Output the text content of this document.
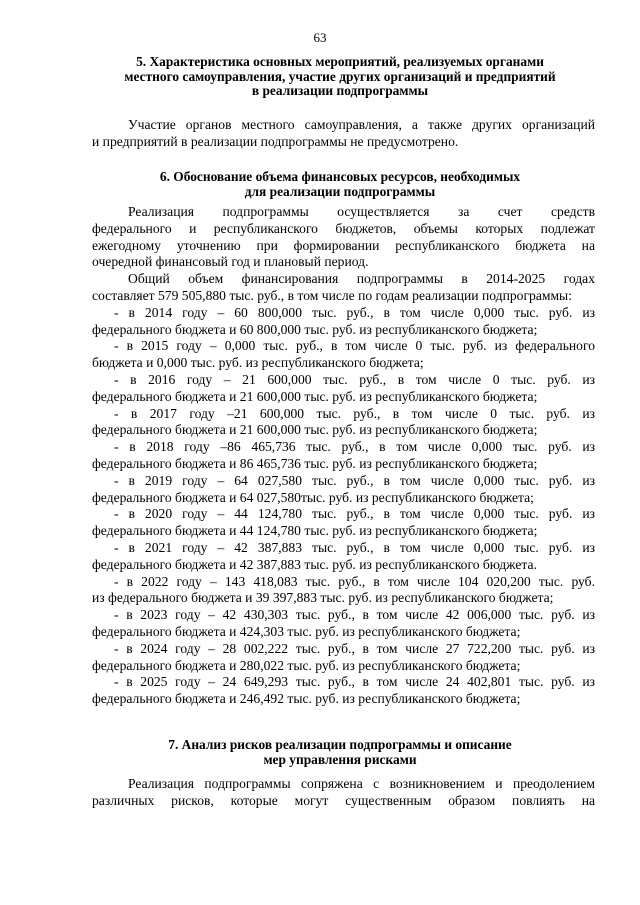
63
5. Характеристика основных мероприятий, реализуемых органами
местного самоуправления, участие других организаций и предприятий
в реализации подпрограммы
Участие органов местного самоуправления, а также других организаций
и предприятий в реализации подпрограммы не предусмотрено.
6. Обоснование объема финансовых ресурсов, необходимых
для реализации подпрограммы
Реализация подпрограммы осуществляется за счет средств
федерального и республиканского бюджетов, объемы которых подлежат
ежегодному уточнению при формировании республиканского бюджета на
очередной финансовый год и плановый период.
Общий объем финансирования подпрограммы в 2014-2025 годах
составляет 579 505,880 тыс. руб., в том числе по годам реализации подпрограммы:
- в 2014 году – 60 800,000 тыс. руб., в том числе 0,000 тыс. руб. из
федерального бюджета и 60 800,000 тыс. руб. из республиканского бюджета;
- в 2015 году – 0,000 тыс. руб., в том числе 0 тыс. руб. из федерального
бюджета и 0,000 тыс. руб. из республиканского бюджета;
- в 2016 году – 21 600,000 тыс. руб., в том числе 0 тыс. руб. из
федерального бюджета и 21 600,000 тыс. руб. из республиканского бюджета;
- в 2017 году –21 600,000 тыс. руб., в том числе 0 тыс. руб. из
федерального бюджета и 21 600,000 тыс. руб. из республиканского бюджета;
- в 2018 году –86 465,736 тыс. руб., в том числе 0,000 тыс. руб. из
федерального бюджета и 86 465,736 тыс. руб. из республиканского бюджета;
- в 2019 году – 64 027,580 тыс. руб., в том числе 0,000 тыс. руб. из
федерального бюджета и 64 027,580тыс. руб. из республиканского бюджета;
- в 2020 году – 44 124,780 тыс. руб., в том числе 0,000 тыс. руб. из
федерального бюджета и 44 124,780 тыс. руб. из республиканского бюджета;
- в 2021 году – 42 387,883 тыс. руб., в том числе 0,000 тыс. руб. из
федерального бюджета и 42 387,883 тыс. руб. из республиканского бюджета.
- в 2022 году – 143 418,083 тыс. руб., в том числе 104 020,200 тыс. руб.
из федерального бюджета и 39 397,883 тыс. руб. из республиканского бюджета;
- в 2023 году – 42 430,303 тыс. руб., в том числе 42 006,000 тыс. руб. из
федерального бюджета и 424,303 тыс. руб. из республиканского бюджета;
- в 2024 году – 28 002,222 тыс. руб., в том числе 27 722,200 тыс. руб. из
федерального бюджета и 280,022 тыс. руб. из республиканского бюджета;
- в 2025 году – 24 649,293 тыс. руб., в том числе 24 402,801 тыс. руб. из
федерального бюджета и 246,492 тыс. руб. из республиканского бюджета;
7. Анализ рисков реализации подпрограммы и описание
мер управления рисками
Реализация подпрограммы сопряжена с возникновением и преодолением
различных рисков, которые могут существенным образом повлиять на
